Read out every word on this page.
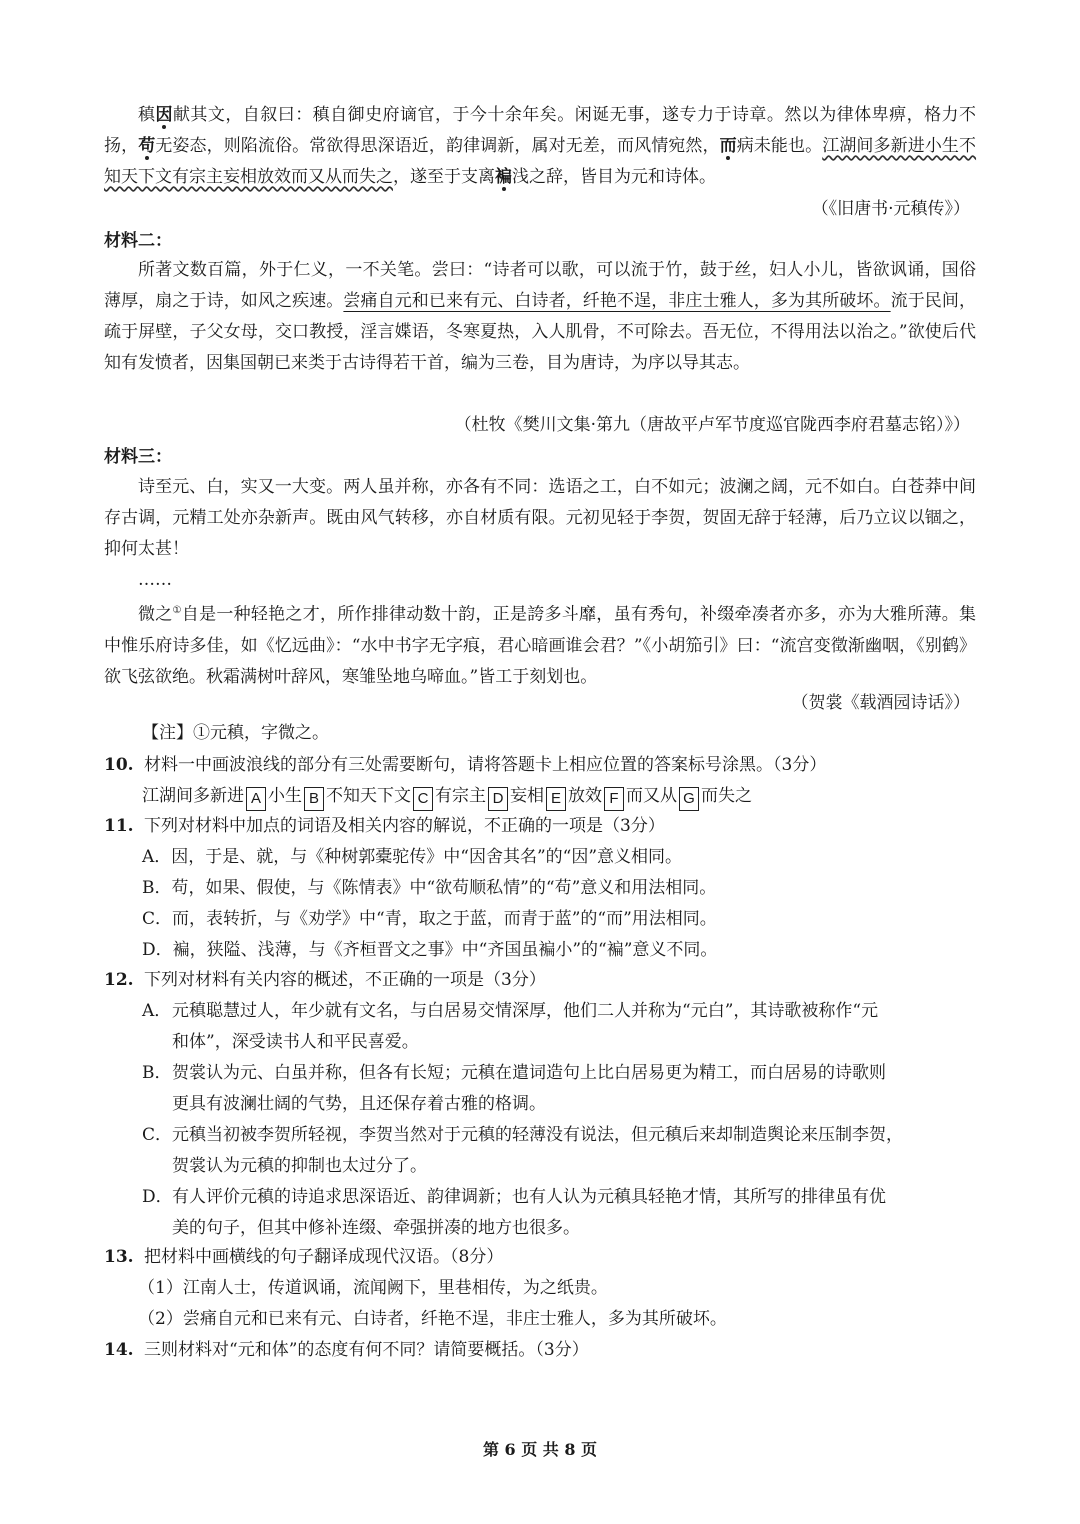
稹因献其文，自叙曰：稹自御史府谪官，于今十余年矣。闲诞无事，遂专力于诗章。然以为律体卑痹，格力不扬，苟无姿态，则陷流俗。常欲得思深语近，韵律调新，属对无差，而风情宛然，而病未能也。江湖间多新进小生不知天下文有宗主妄相放效而又从而失之，遂至于支离褊浅之辞，皆目为元和诗体。

（《旧唐书·元稹传》）

材料二：

所著文数百篇，外于仁义，一不关笔。尝曰：“诗者可以歌，可以流于竹，鼓于丝，妇人小儿，皆欲讽诵，国俗薄厚，扇之于诗，如风之疾速。尝痛自元和已来有元、白诗者，纤艳不逞，非庄士雅人，多为其所破坏。流于民间，疏于屏壁，子父女母，交口教授，淫言媟语，冬寒夏热，入人肌骨，不可除去。吾无位，不得用法以治之。”欲使后代知有发愤者，因集国朝已来类于古诗得若干首，编为三卷，目为唐诗，为序以导其志。

（杜牧《樊川文集·第九（唐故平卢军节度巡官陇西李府君墓志铭）》）

材料三：

诗至元、白，实又一大变。两人虽并称，亦各有不同：选语之工，白不如元；波澜之阔，元不如白。白苍莽中间存古调，元精工处亦杂新声。既由风气转移，亦自材质有限。元初见轻于李贺，贺固无辞于轻薄，后乃立议以锢之，抑何太甚！

……

微之①自是一种轻艳之才，所作排律动数十韵，正是誇多斗靡，虽有秀句，补缀牵凑者亦多，亦为大雅所薄。集中惟乐府诗多佳，如《忆远曲》：“水中书字无字痕，君心暗画谁会君？”《小胡笳引》曰：“流宫变徵渐幽咽，《别鹤》欲飞弦欲绝。秋霜满树叶辞风，寒雏坠地乌啼血。”皆工于刻划也。

（贺裳《载酒园诗话》）

【注】①元稹，字微之。

10. 材料一中画波浪线的部分有三处需要断句，请将答题卡上相应位置的答案标号涂黑。（3分）

江湖间多新进 A 小生 B 不知天下文 C 有宗主 D 妄相 E 放效 F 而又从 G 而失之

11. 下列对材料中加点的词语及相关内容的解说，不正确的一项是（3分）

A．因，于是、就，与《种树郭橐驼传》中“因舍其名”的“因”意义相同。

B．苟，如果、假使，与《陈情表》中“欲苟顺私情”的“苟”意义和用法相同。

C．而，表转折，与《劝学》中“青，取之于蓝，而青于蓝”的“而”用法相同。

D．褊，狭隘、浅薄，与《齐桓晋文之事》中“齐国虽褊小”的“褊”意义不同。

12. 下列对材料有关内容的概述，不正确的一项是（3分）

A．元稹聪慧过人，年少就有文名，与白居易交情深厚，他们二人并称为“元白”，其诗歌被称作“元
和体”，深受读书人和平民喜爱。
B．贺裳认为元、白虽并称，但各有长短；元稹在遣词造句上比白居易更为精工，而白居易的诗歌则
更具有波澜壮阔的气势，且还保存着古雅的格调。
C．元稹当初被李贺所轻视，李贺当然对于元稹的轻薄没有说法，但元稹后来却制造舆论来压制李贺，
贺裳认为元稹的抑制也太过分了。
D．有人评价元稹的诗追求思深语近、韵律调新；也有人认为元稹具轻艳才情，其所写的排律虽有优
美的句子，但其中修补连缀、牵强拼凑的地方也很多。

13. 把材料中画横线的句子翻译成现代汉语。（8分）

（1）江南人士，传道讽诵，流闻阙下，里巷相传，为之纸贵。

（2）尝痛自元和已来有元、白诗者，纤艳不逞，非庄士雅人，多为其所破坏。

14. 三则材料对“元和体”的态度有何不同？请简要概括。（3分）

第 6 页 共 8 页
